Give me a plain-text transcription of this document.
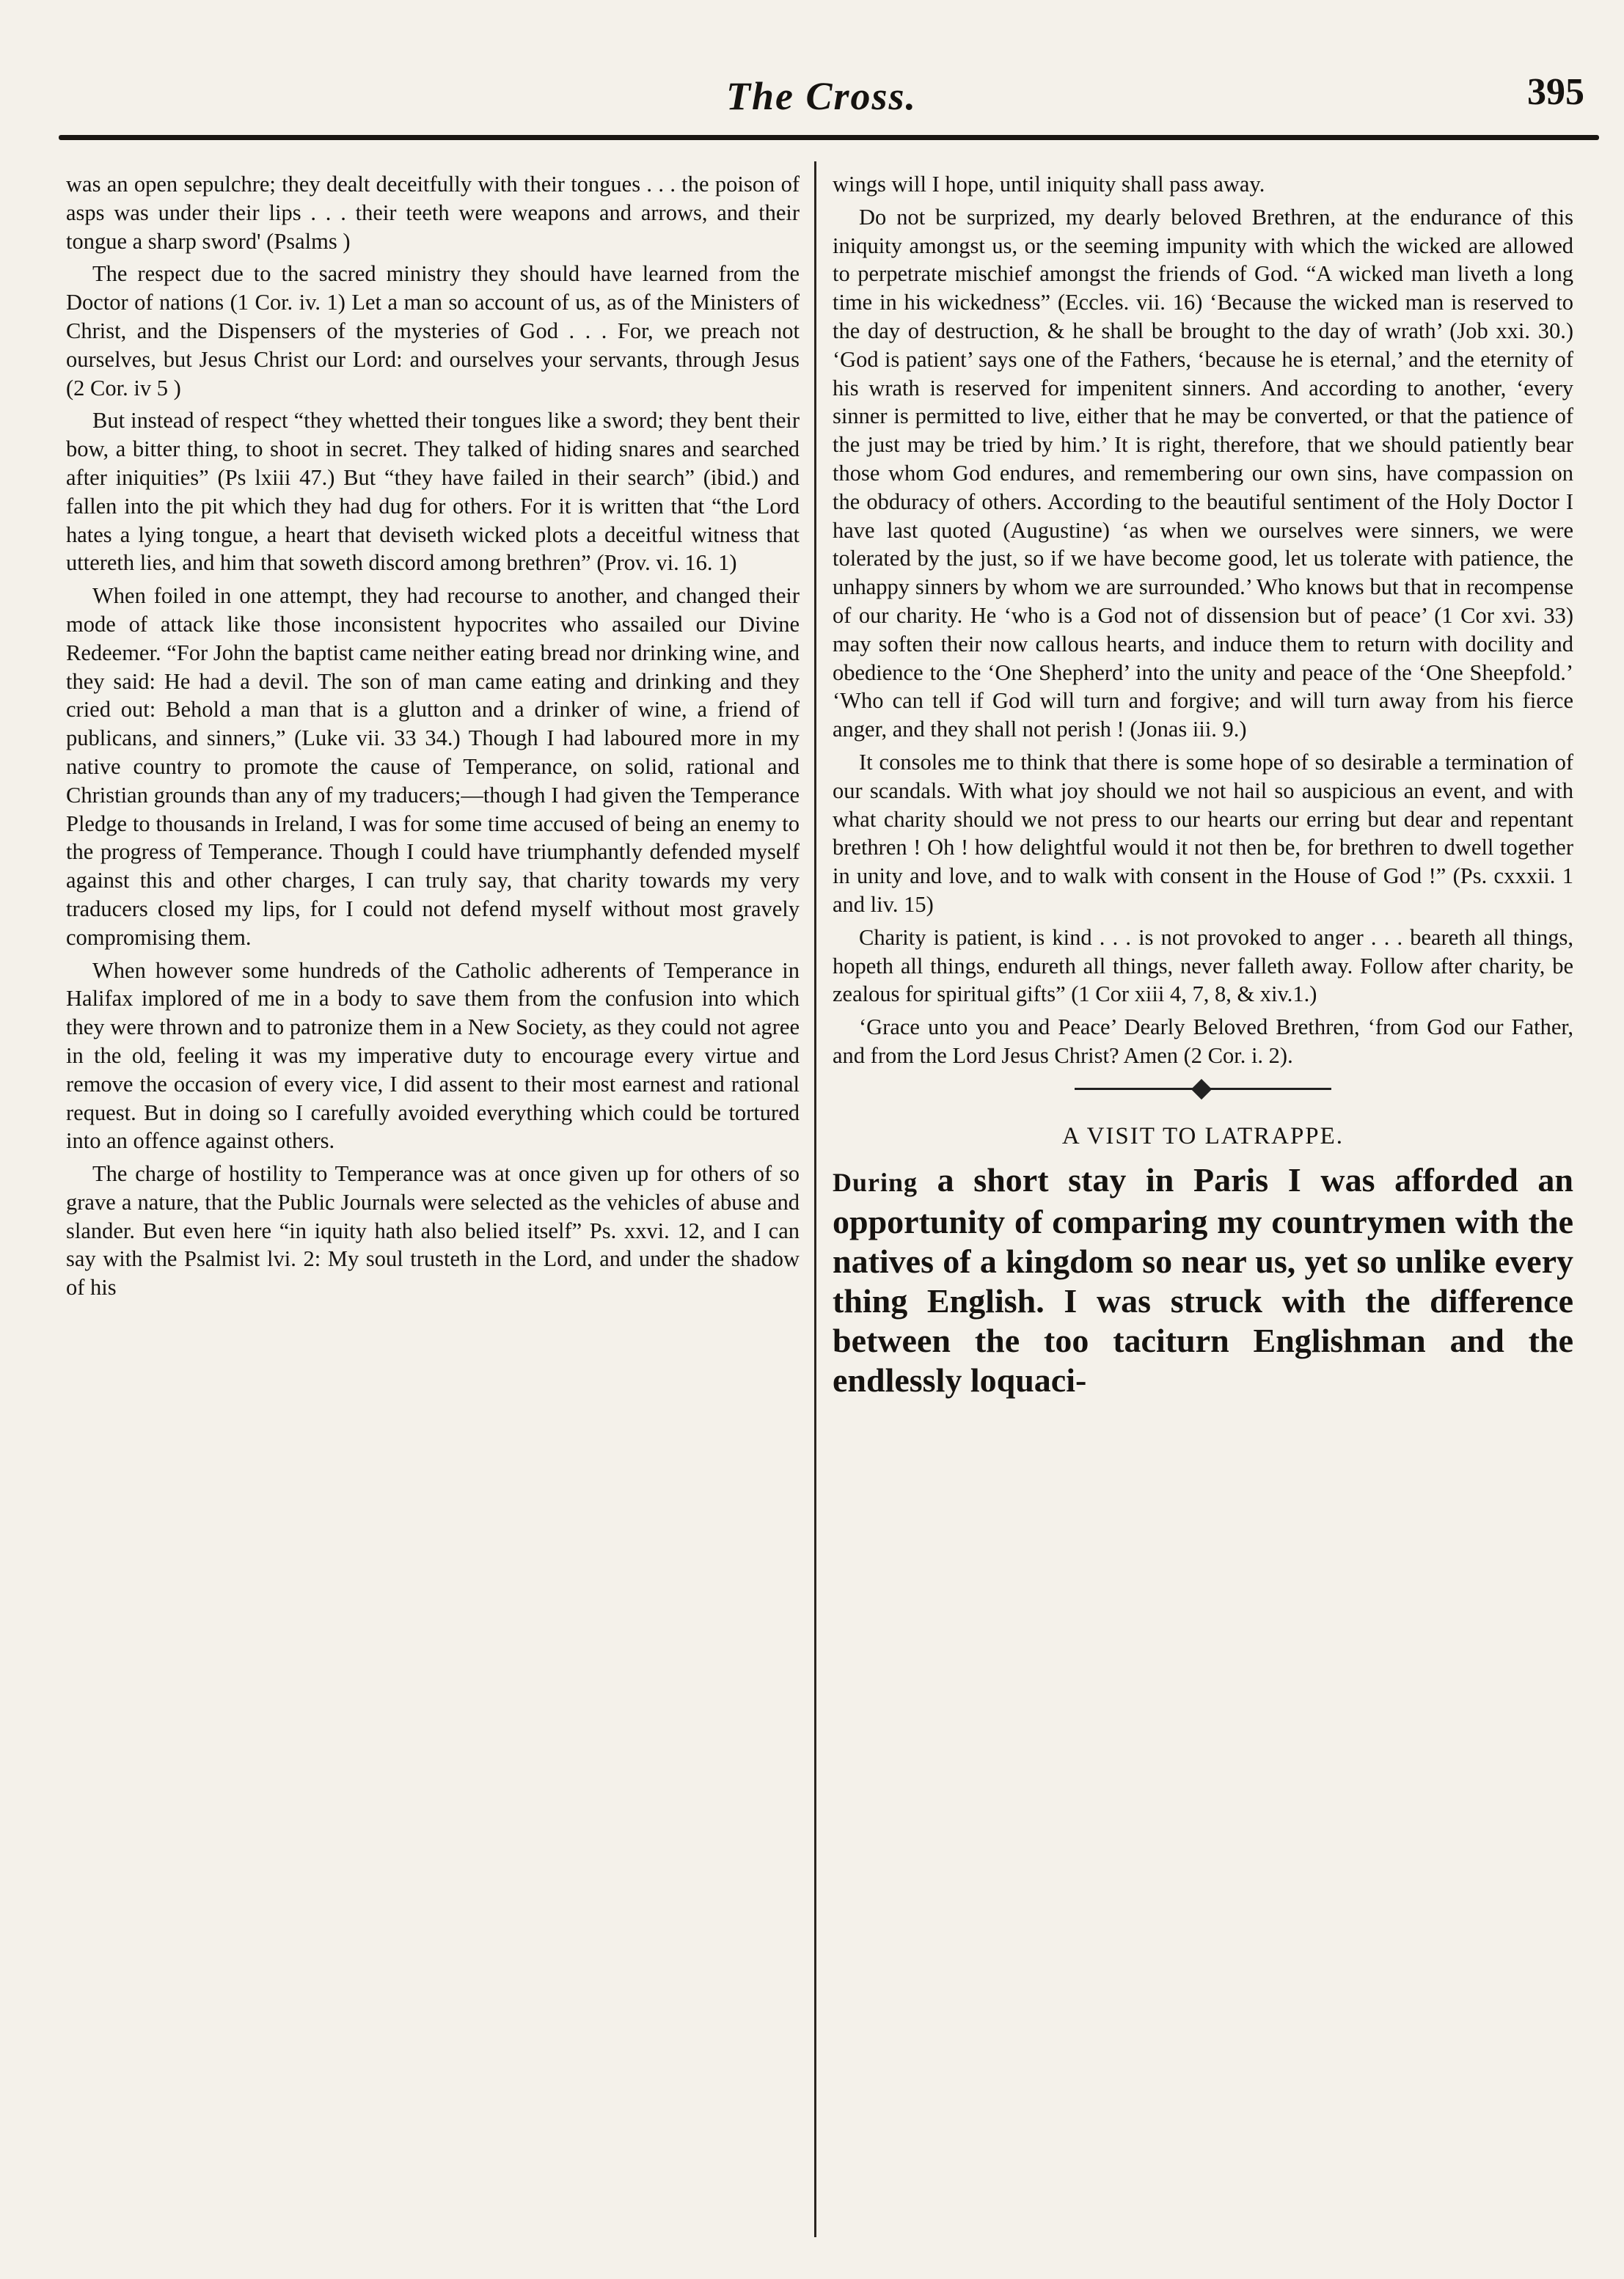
The Cross.	395

was an open sepulchre; they dealt deceitfully with their tongues . . . the poison of asps was under their lips . . . their teeth were weapons and arrows, and their tongue a sharp sword' (Psalms )

The respect due to the sacred ministry they should have learned from the Doctor of nations (1 Cor. iv. 1) Let a man so account of us, as of the Ministers of Christ, and the Dispensers of the mysteries of God . . . For, we preach not ourselves, but Jesus Christ our Lord: and ourselves your servants, through Jesus (2 Cor. iv 5 )

But instead of respect “they whetted their tongues like a sword; they bent their bow, a bitter thing, to shoot in secret. They talked of hiding snares and searched after iniquities” (Ps lxiii 47.) But “they have failed in their search” (ibid.) and fallen into the pit which they had dug for others. For it is written that “the Lord hates a lying tongue, a heart that deviseth wicked plots a deceitful witness that uttereth lies, and him that soweth discord among brethren” (Prov. vi. 16. 1)

When foiled in one attempt, they had recourse to another, and changed their mode of attack like those inconsistent hypocrites who assailed our Divine Redeemer. “For John the baptist came neither eating bread nor drinking wine, and they said: He had a devil. The son of man came eating and drinking and they cried out: Behold a man that is a glutton and a drinker of wine, a friend of publicans, and sinners,” (Luke vii. 33 34.) Though I had laboured more in my native country to promote the cause of Temperance, on solid, rational and Christian grounds than any of my traducers;—though I had given the Temperance Pledge to thousands in Ireland, I was for some time accused of being an enemy to the progress of Temperance. Though I could have triumphantly defended myself against this and other charges, I can truly say, that charity towards my very traducers closed my lips, for I could not defend myself without most gravely compromising them.

When however some hundreds of the Catholic adherents of Temperance in Halifax implored of me in a body to save them from the confusion into which they were thrown and to patronize them in a New Society, as they could not agree in the old, feeling it was my imperative duty to encourage every virtue and remove the occasion of every vice, I did assent to their most earnest and rational request. But in doing so I carefully avoided everything which could be tortured into an offence against others.

The charge of hostility to Temperance was at once given up for others of so grave a nature, that the Public Journals were selected as the vehicles of abuse and slander. But even here “in iquity hath also belied itself” Ps. xxvi. 12, and I can say with the Psalmist lvi. 2: My soul trusteth in the Lord, and under the shadow of his

wings will I hope, until iniquity shall pass away.

Do not be surprized, my dearly beloved Brethren, at the endurance of this iniquity amongst us, or the seeming impunity with which the wicked are allowed to perpetrate mischief amongst the friends of God. “A wicked man liveth a long time in his wickedness” (Eccles. vii. 16) ‘Because the wicked man is reserved to the day of destruction, & he shall be brought to the day of wrath’ (Job xxi. 30.) ‘God is patient’ says one of the Fathers, ‘because he is eternal,’ and the eternity of his wrath is reserved for impenitent sinners. And according to another, ‘every sinner is permitted to live, either that he may be converted, or that the patience of the just may be tried by him.’ It is right, therefore, that we should patiently bear those whom God endures, and remembering our own sins, have compassion on the obduracy of others. According to the beautiful sentiment of the Holy Doctor I have last quoted (Augustine) ‘as when we ourselves were sinners, we were tolerated by the just, so if we have become good, let us tolerate with patience, the unhappy sinners by whom we are surrounded.’ Who knows but that in recompense of our charity. He ‘who is a God not of dissension but of peace’ (1 Cor xvi. 33) may soften their now callous hearts, and induce them to return with docility and obedience to the ‘One Shepherd’ into the unity and peace of the ‘One Sheepfold.’ ‘Who can tell if God will turn and forgive; and will turn away from his fierce anger, and they shall not perish ! (Jonas iii. 9.)

It consoles me to think that there is some hope of so desirable a termination of our scandals. With what joy should we not hail so auspicious an event, and with what charity should we not press to our hearts our erring but dear and repentant brethren ! Oh ! how delightful would it not then be, for brethren to dwell together in unity and love, and to walk with consent in the House of God !” (Ps. cxxxii. 1 and liv. 15)

Charity is patient, is kind . . . is not provoked to anger . . . beareth all things, hopeth all things, endureth all things, never falleth away. Follow after charity, be zealous for spiritual gifts” (1 Cor xiii 4, 7, 8, & xiv.1.)

‘Grace unto you and Peace’ Dearly Beloved Brethren, ‘from God our Father, and from the Lord Jesus Christ? Amen (2 Cor. i. 2).

A VISIT TO LATRAPPE.

During a short stay in Paris I was afforded an opportunity of comparing my countrymen with the natives of a kingdom so near us, yet so unlike every thing English. I was struck with the difference between the too taciturn Englishman and the endlessly loquaci-
